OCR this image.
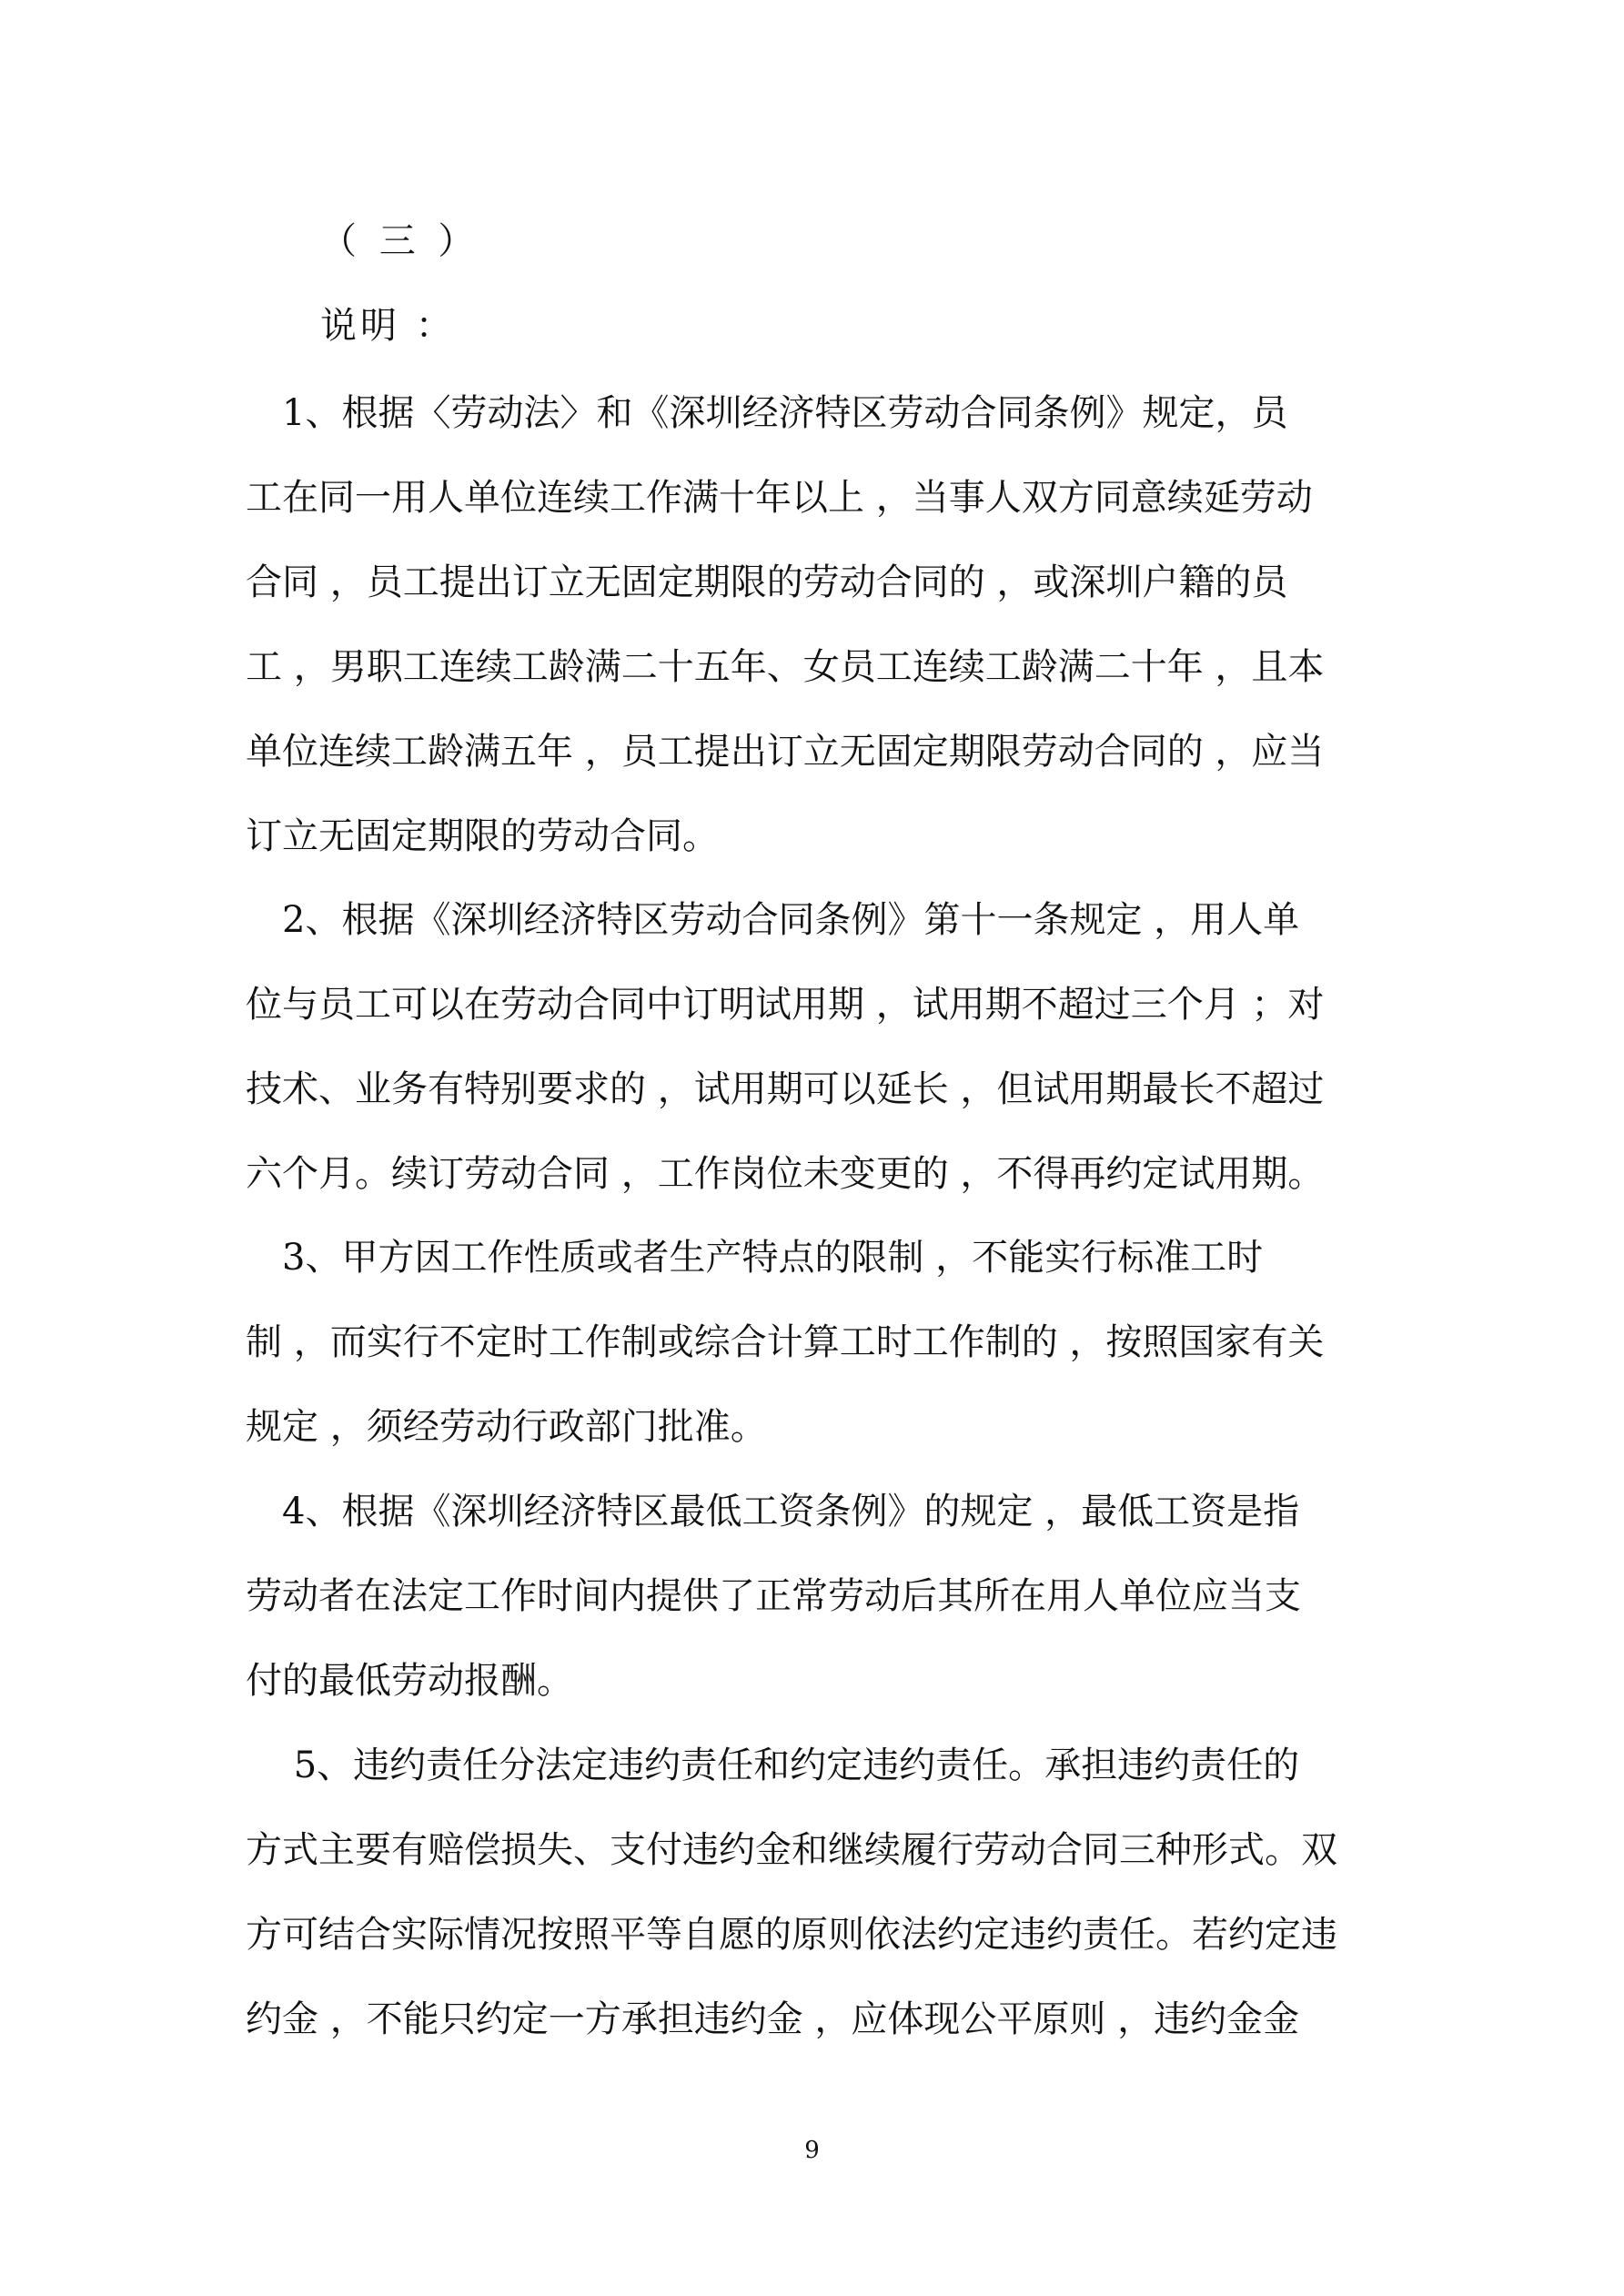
（ 三 ）
说明 ：
　1、根据〈劳动法〉和《深圳经济特区劳动合同条例》规定，员
工在同一用人单位连续工作满十年以上 ，当事人双方同意续延劳动
合同 ，员工提出订立无固定期限的劳动合同的 ，或深圳户籍的员
工 ，男职工连续工龄满二十五年、女员工连续工龄满二十年 ，且本
单位连续工龄满五年 ，员工提出订立无固定期限劳动合同的 ，应当
订立无固定期限的劳动合同。
　2、根据《深圳经济特区劳动合同条例》第十一条规定 ，用人单
位与员工可以在劳动合同中订明试用期 ，试用期不超过三个月 ；对
技术、业务有特别要求的 ，试用期可以延长 ，但试用期最长不超过
六个月。续订劳动合同 ，工作岗位未变更的 ，不得再约定试用期。
　3、甲方因工作性质或者生产特点的限制 ，不能实行标准工时
制 ，而实行不定时工作制或综合计算工时工作制的 ，按照国家有关
规定 ，须经劳动行政部门批准。
　4、根据《深圳经济特区最低工资条例》的规定 ，最低工资是指
劳动者在法定工作时间内提供了正常劳动后其所在用人单位应当支
付的最低劳动报酬。
　 5、违约责任分法定违约责任和约定违约责任。承担违约责任的
方式主要有赔偿损失、支付违约金和继续履行劳动合同三种形式。双
方可结合实际情况按照平等自愿的原则依法约定违约责任。若约定违
约金 ，不能只约定一方承担违约金 ，应体现公平原则 ，违约金金
9
